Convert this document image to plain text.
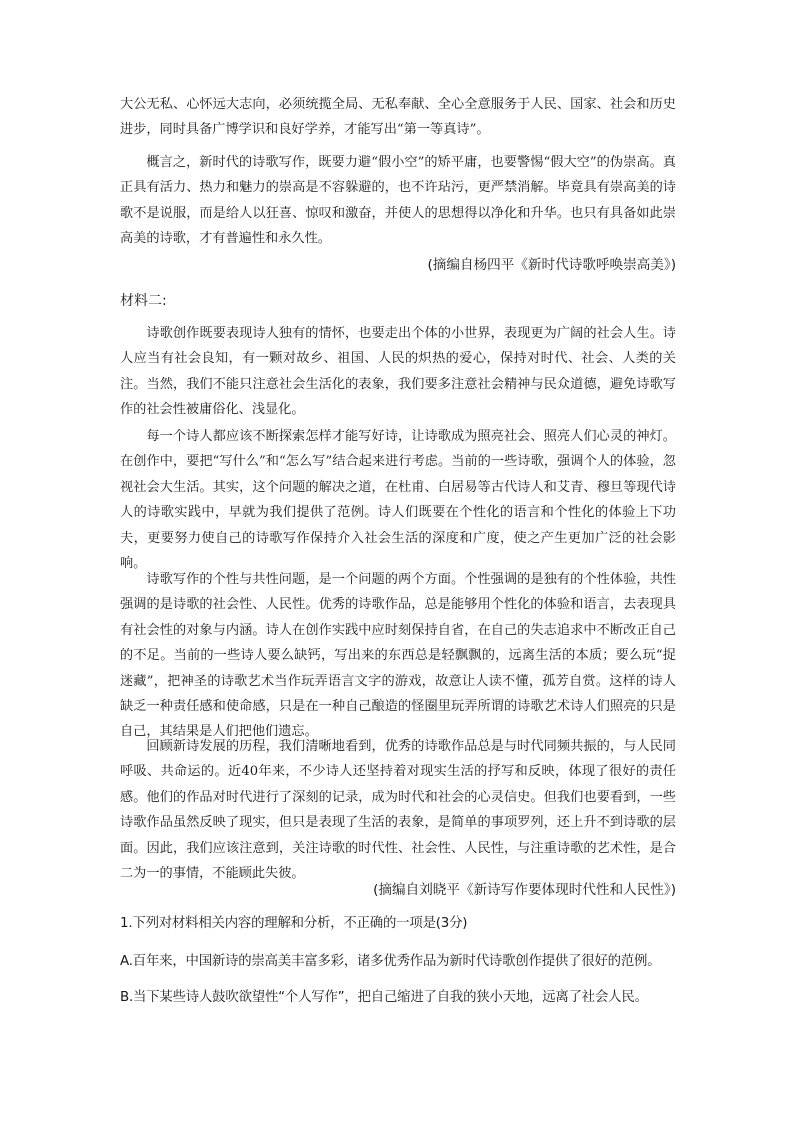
大公无私、心怀远大志向，必须统揽全局、无私奉献、全心全意服务于人民、国家、社会和历史进步，同时具备广博学识和良好学养，才能写出“第一等真诗”。

概言之，新时代的诗歌写作，既要力避“假小空”的矫平庸，也要警惕“假大空”的伪崇高。真正具有活力、热力和魅力的崇高是不容躲避的，也不许玷污，更严禁消解。毕竟具有崇高美的诗歌不是说服，而是给人以狂喜、惊叹和激奋，并使人的思想得以净化和升华。也只有具备如此崇高美的诗歌，才有普遍性和永久性。

(摘编自杨四平《新时代诗歌呼唤崇高美》)
材料二:

诗歌创作既要表现诗人独有的情怀，也要走出个体的小世界，表现更为广阔的社会人生。诗人应当有社会良知，有一颗对故乡、祖国、人民的炽热的爱心，保持对时代、社会、人类的关注。当然，我们不能只注意社会生活化的表象，我们要多注意社会精神与民众道德，避免诗歌写作的社会性被庸俗化、浅显化。

每一个诗人都应该不断探索怎样才能写好诗，让诗歌成为照亮社会、照亮人们心灵的神灯。在创作中，要把“写什么”和“怎么写”结合起来进行考虑。当前的一些诗歌，强调个人的体验，忽视社会大生活。其实，这个问题的解决之道，在杜甫、白居易等古代诗人和艾青、穆旦等现代诗人的诗歌实践中，早就为我们提供了范例。诗人们既要在个性化的语言和个性化的体验上下功夫，更要努力使自己的诗歌写作保持介入社会生活的深度和广度，使之产生更加广泛的社会影响。

诗歌写作的个性与共性问题，是一个问题的两个方面。个性强调的是独有的个性体验，共性强调的是诗歌的社会性、人民性。优秀的诗歌作品，总是能够用个性化的体验和语言，去表现具有社会性的对象与内涵。诗人在创作实践中应时刻保持自省，在自己的失志追求中不断改正自己的不足。当前的一些诗人要么缺钙，写出来的东西总是轻飘飘的，远离生活的本质；要么玩“捉迷藏”，把神圣的诗歌艺术当作玩弄语言文字的游戏，故意让人读不懂，孤芳自赏。这样的诗人缺乏一种责任感和使命感，只是在一种自己酿造的怪圈里玩弄所谓的诗歌艺术诗人们照亮的只是自己，其结果是人们把他们遗忘。

回顾新诗发展的历程，我们清晰地看到，优秀的诗歌作品总是与时代同频共振的，与人民同呼吸、共命运的。近40年来，不少诗人还坚持着对现实生活的抒写和反映，体现了很好的责任感。他们的作品对时代进行了深刻的记录，成为时代和社会的心灵信史。但我们也要看到，一些诗歌作品虽然反映了现实，但只是表现了生活的表象，是简单的事项罗列，还上升不到诗歌的层面。因此，我们应该注意到，关注诗歌的时代性、社会性、人民性，与注重诗歌的艺术性，是合二为一的事情，不能顾此失彼。

(摘编自刘晓平《新诗写作要体现时代性和人民性》)
1.下列对材料相关内容的理解和分析，不正确的一项是(3分)
A.百年来，中国新诗的崇高美丰富多彩，诸多优秀作品为新时代诗歌创作提供了很好的范例。
B.当下某些诗人鼓吹欲望性“个人写作”，把自己缩进了自我的狭小天地，远离了社会人民。
